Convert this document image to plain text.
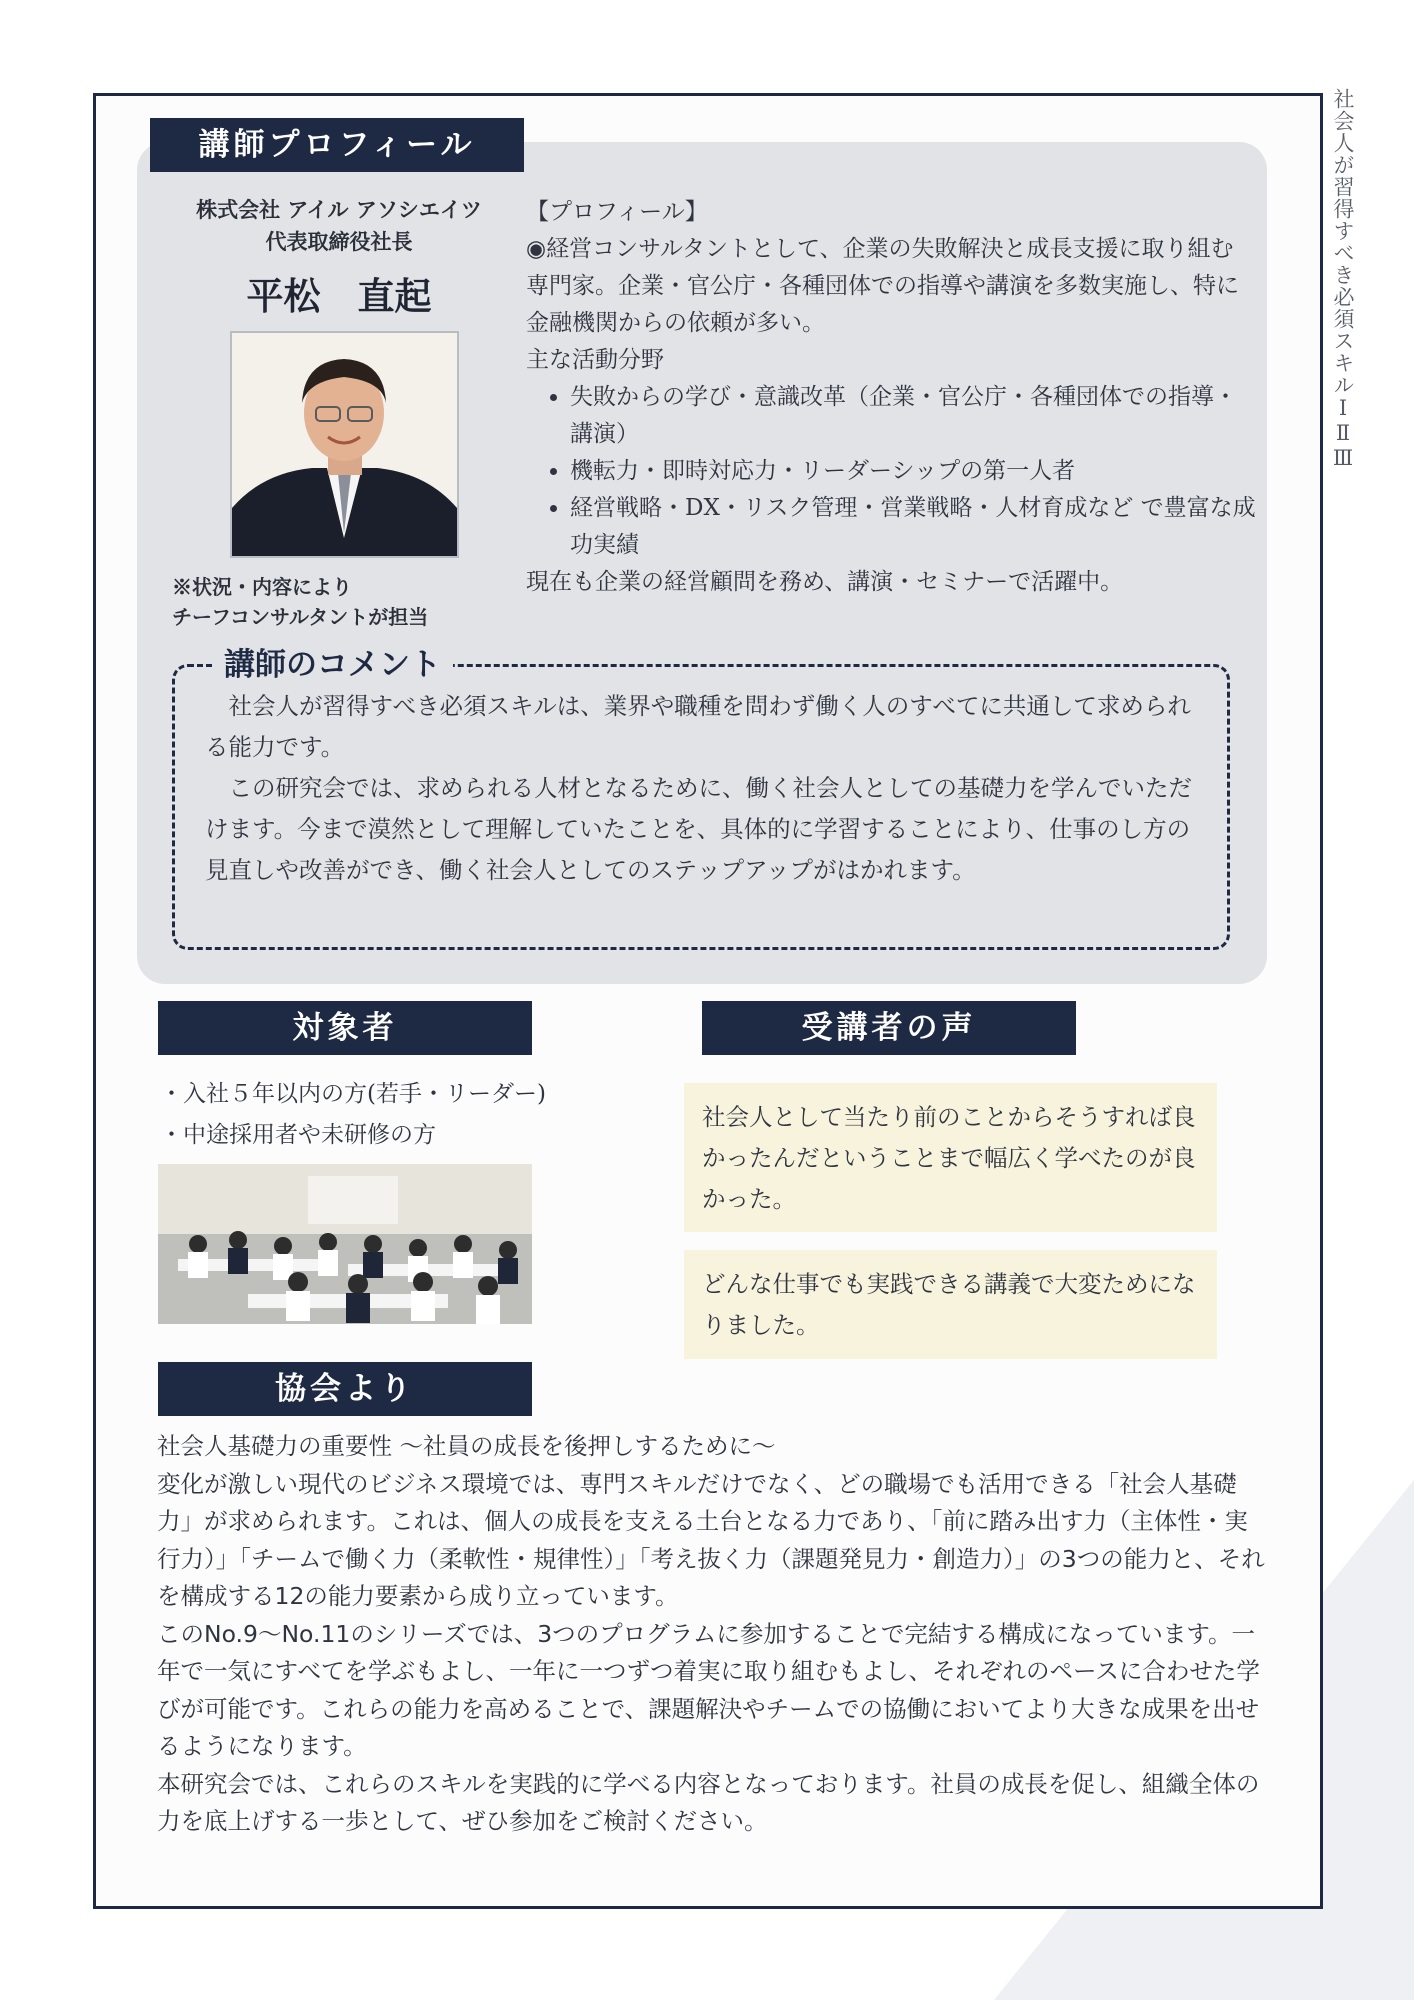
社会人が習得すべき必須スキルⅠⅡⅢ
講師プロフィール
株式会社 アイル アソシエイツ
代表取締役社長
平松　直起
※状況・内容により
チーフコンサルタントが担当

【プロフィール】

◉経営コンサルタントとして、企業の失敗解決と成長支援に取り組む専門家。企業・官公庁・各種団体での指導や講演を多数実施し、特に金融機関からの依頼が多い。

主な活動分野

• 失敗からの学び・意識改革（企業・官公庁・各種団体での指導・講演）
• 機転力・即時対応力・リーダーシップの第一人者
• 経営戦略・DX・リスク管理・営業戦略・人材育成など で豊富な成功実績

現在も企業の経営顧問を務め、講演・セミナーで活躍中。

講師のコメント

社会人が習得すべき必須スキルは、業界や職種を問わず働く人のすべてに共通して求められる能力です。

この研究会では、求められる人材となるために、働く社会人としての基礎力を学んでいただけます。今まで漠然として理解していたことを、具体的に学習することにより、仕事のし方の見直しや改善ができ、働く社会人としてのステップアップがはかれます。

対象者
・ 入社５年以内の方(若手・リーダー)
・ 中途採用者や未研修の方
受講者の声
社会人として当たり前のことからそうすれば良かったんだということまで幅広く学べたのが良かった。
どんな仕事でも実践できる講義で大変ためになりました。
協会より

社会人基礎力の重要性 〜社員の成長を後押しするために〜

変化が激しい現代のビジネス環境では、専門スキルだけでなく、どの職場でも活用できる「社会人基礎力」が求められます。これは、個人の成長を支える土台となる力であり、「前に踏み出す力（主体性・実行力）」「チームで働く力（柔軟性・規律性）」「考え抜く力（課題発見力・創造力）」の3つの能力と、それを構成する12の能力要素から成り立っています。

このNo.9〜No.11のシリーズでは、3つのプログラムに参加することで完結する構成になっています。一年で一気にすべてを学ぶもよし、一年に一つずつ着実に取り組むもよし、それぞれのペースに合わせた学びが可能です。これらの能力を高めることで、課題解決やチームでの協働においてより大きな成果を出せるようになります。

本研究会では、これらのスキルを実践的に学べる内容となっております。社員の成長を促し、組織全体の力を底上げする一歩として、ぜひ参加をご検討ください。
